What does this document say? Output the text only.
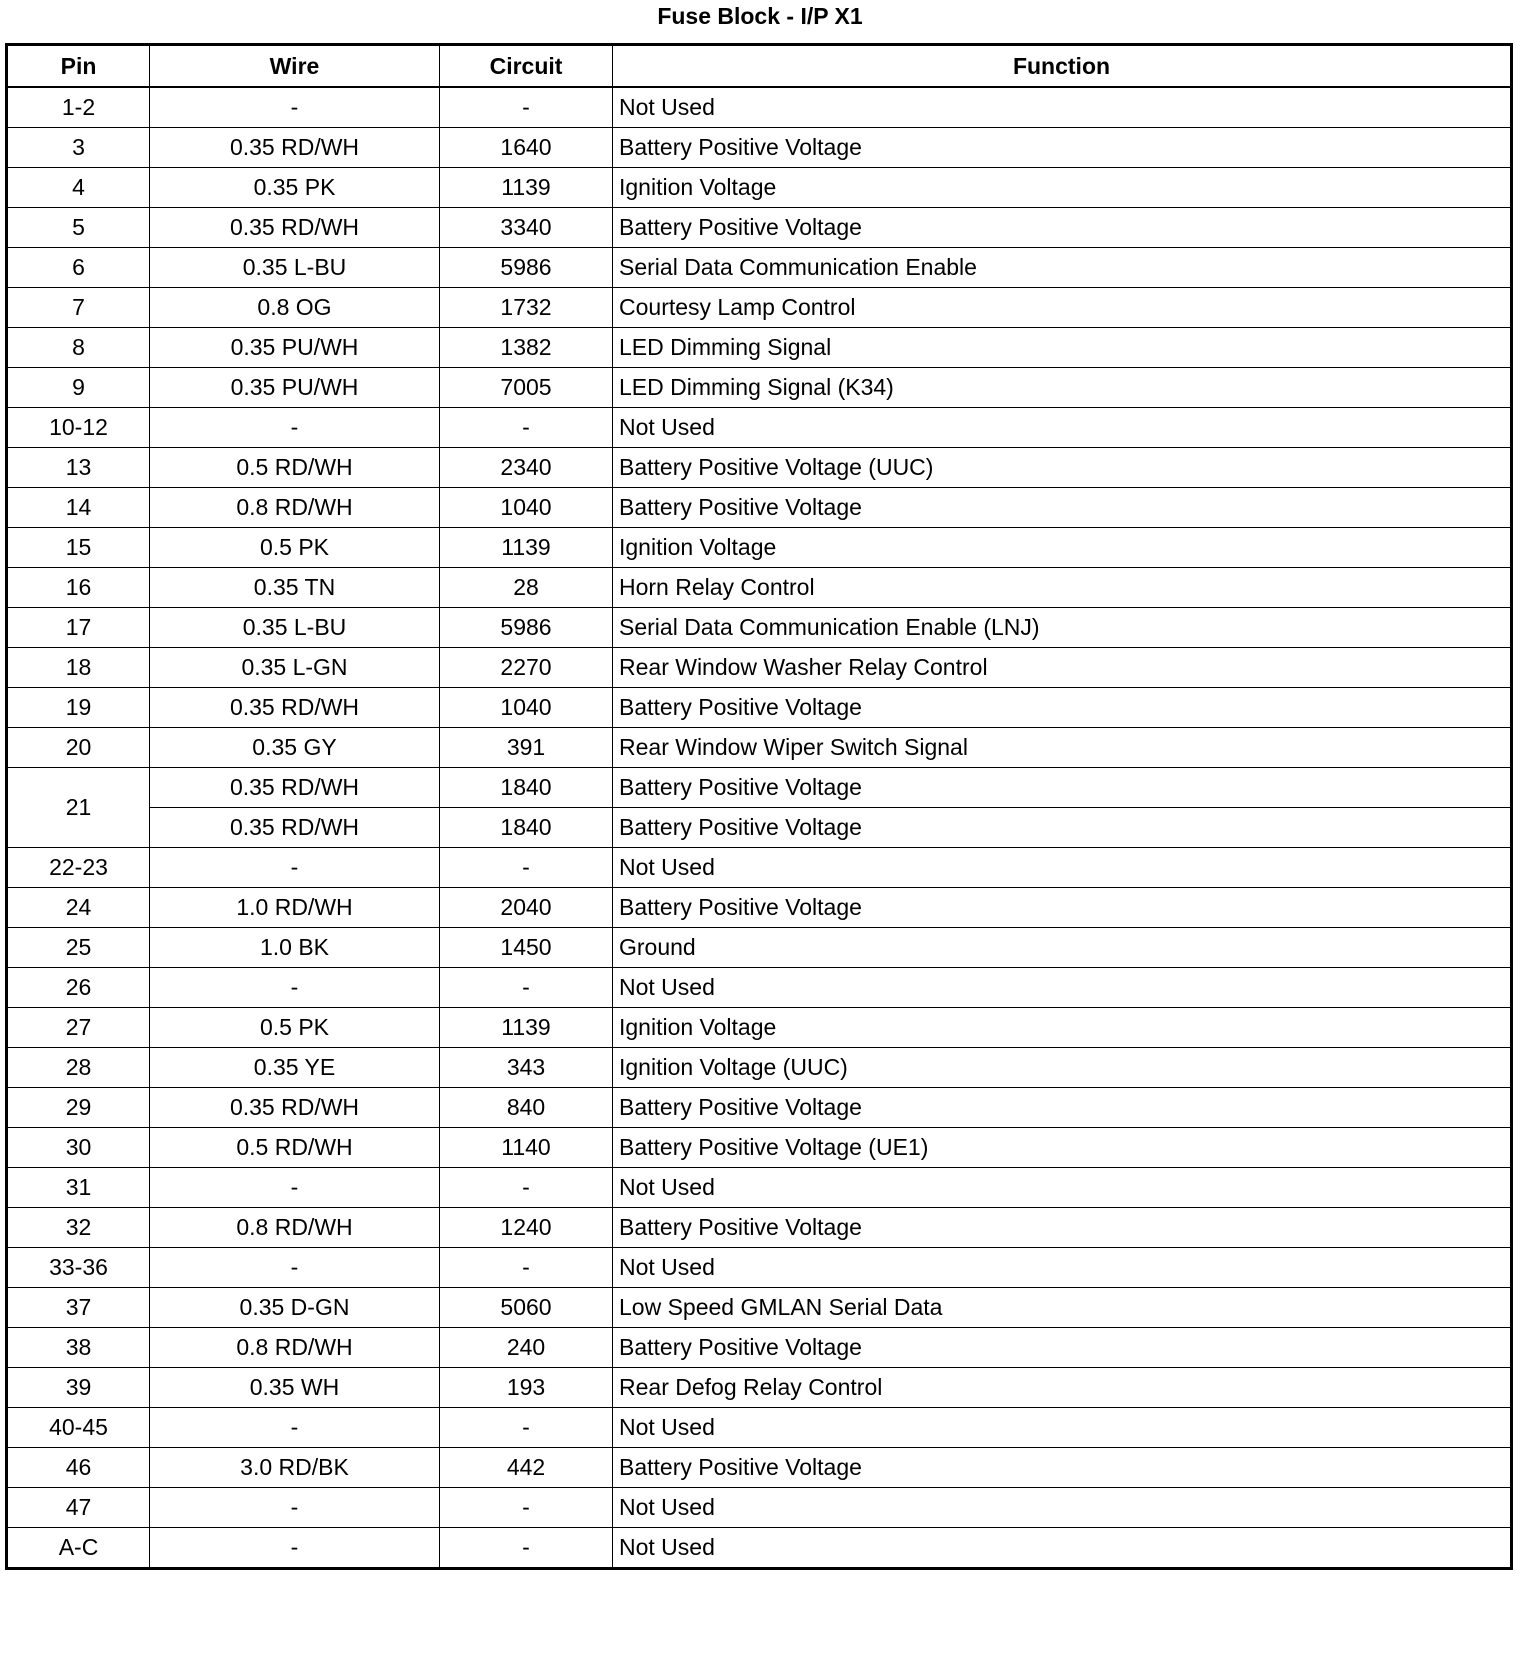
Fuse Block - I/P X1
Pin	Wire	Circuit	Function
1-2	-	-	Not Used
3	0.35 RD/WH	1640	Battery Positive Voltage
4	0.35 PK	1139	Ignition Voltage
5	0.35 RD/WH	3340	Battery Positive Voltage
6	0.35 L-BU	5986	Serial Data Communication Enable
7	0.8 OG	1732	Courtesy Lamp Control
8	0.35 PU/WH	1382	LED Dimming Signal
9	0.35 PU/WH	7005	LED Dimming Signal (K34)
10-12	-	-	Not Used
13	0.5 RD/WH	2340	Battery Positive Voltage (UUC)
14	0.8 RD/WH	1040	Battery Positive Voltage
15	0.5 PK	1139	Ignition Voltage
16	0.35 TN	28	Horn Relay Control
17	0.35 L-BU	5986	Serial Data Communication Enable (LNJ)
18	0.35 L-GN	2270	Rear Window Washer Relay Control
19	0.35 RD/WH	1040	Battery Positive Voltage
20	0.35 GY	391	Rear Window Wiper Switch Signal
21	0.35 RD/WH	1840	Battery Positive Voltage
	0.35 RD/WH	1840	Battery Positive Voltage
22-23	-	-	Not Used
24	1.0 RD/WH	2040	Battery Positive Voltage
25	1.0 BK	1450	Ground
26	-	-	Not Used
27	0.5 PK	1139	Ignition Voltage
28	0.35 YE	343	Ignition Voltage (UUC)
29	0.35 RD/WH	840	Battery Positive Voltage
30	0.5 RD/WH	1140	Battery Positive Voltage (UE1)
31	-	-	Not Used
32	0.8 RD/WH	1240	Battery Positive Voltage
33-36	-	-	Not Used
37	0.35 D-GN	5060	Low Speed GMLAN Serial Data
38	0.8 RD/WH	240	Battery Positive Voltage
39	0.35 WH	193	Rear Defog Relay Control
40-45	-	-	Not Used
46	3.0 RD/BK	442	Battery Positive Voltage
47	-	-	Not Used
A-C	-	-	Not Used
